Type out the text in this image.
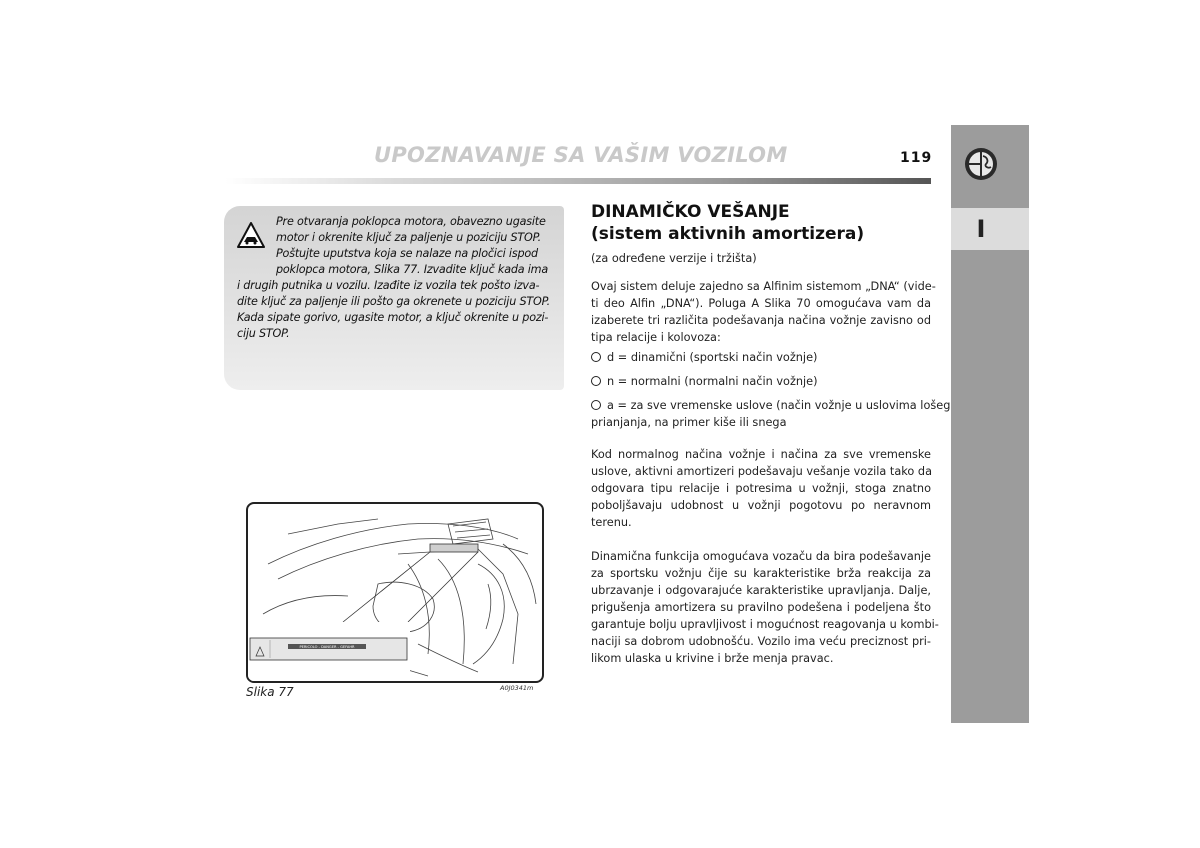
UPOZNAVANJE SA VAŠIM VOZILOM	119
I
Pre otvaranja poklopca motora, obavezno ugasite
motor i okrenite ključ za paljenje u poziciju STOP.
Poštujte uputstva koja se nalaze na pločici ispod
poklopca motora, Slika 77. Izvadite ključ kada ima
i drugih putnika u vozilu. Izađite iz vozila tek pošto izva-
dite ključ za paljenje ili pošto ga okrenete u poziciju STOP.
Kada sipate gorivo, ugasite motor, a ključ okrenite u pozi-
ciju STOP.
PERICOLO - DANGER - GEFAHR
Slika 77	A0J0341m
DINAMIČKO VEŠANJE
(sistem aktivnih amortizera)
(za određene verzije i tržišta)
Ovaj sistem deluje zajedno sa Alfinim sistemom „DNA“ (vide-
ti deo Alfin „DNA“). Poluga A Slika 70 omogućava vam da
izaberete tri različita podešavanja načina vožnje zavisno od
tipa relacije i kolovoza:
d = dinamični (sportski način vožnje)
n = normalni (normalni način vožnje)
a = za sve vremenske uslove (način vožnje u uslovima lošeg
prianjanja, na primer kiše ili snega
Kod normalnog načina vožnje i načina za sve vremenske
uslove, aktivni amortizeri podešavaju vešanje vozila tako da
odgovara tipu relacije i potresima u vožnji, stoga znatno
poboljšavaju udobnost u vožnji pogotovu po neravnom
terenu.
Dinamična funkcija omogućava vozaču da bira podešavanje
za sportsku vožnju čije su karakteristike brža reakcija za
ubrzavanje i odgovarajuće karakteristike upravljanja. Dalje,
prigušenja amortizera su pravilno podešena i podeljena što
garantuje bolju upravljivost i mogućnost reagovanja u kombi-
naciji sa dobrom udobnošću. Vozilo ima veću preciznost pri-
likom ulaska u krivine i brže menja pravac.
